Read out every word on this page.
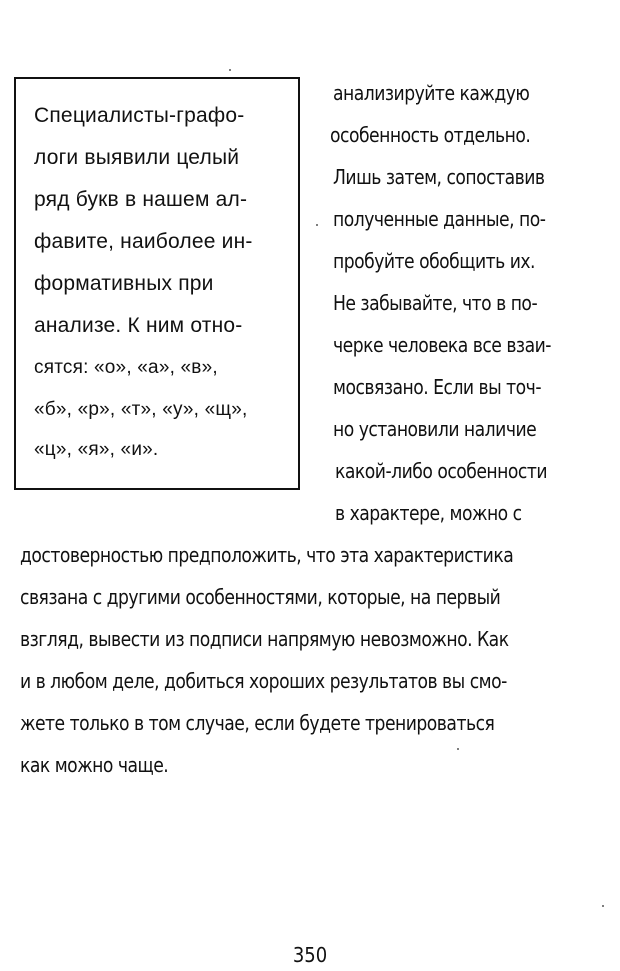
Специалисты-графо-
логи выявили целый
ряд букв в нашем ал-
фавите, наиболее ин-
формативных при
анализе. К ним отно-
сятся: «о», «а», «в»,
«б», «р», «т», «у», «щ»,
«ц», «я», «и».
анализируйте каждую
особенность отдельно.
Лишь затем, сопоставив
полученные данные, по-
пробуйте обобщить их.
Не забывайте, что в по-
черке человека все взаи-
мосвязано. Если вы точ-
но установили наличие
какой-либо особенности
в характере, можно с
достоверностью предположить, что эта характеристика
связана с другими особенностями, которые, на первый
взгляд, вывести из подписи напрямую невозможно. Как
и в любом деле, добиться хороших результатов вы смо-
жете только в том случае, если будете тренироваться
как можно чаще.
350
